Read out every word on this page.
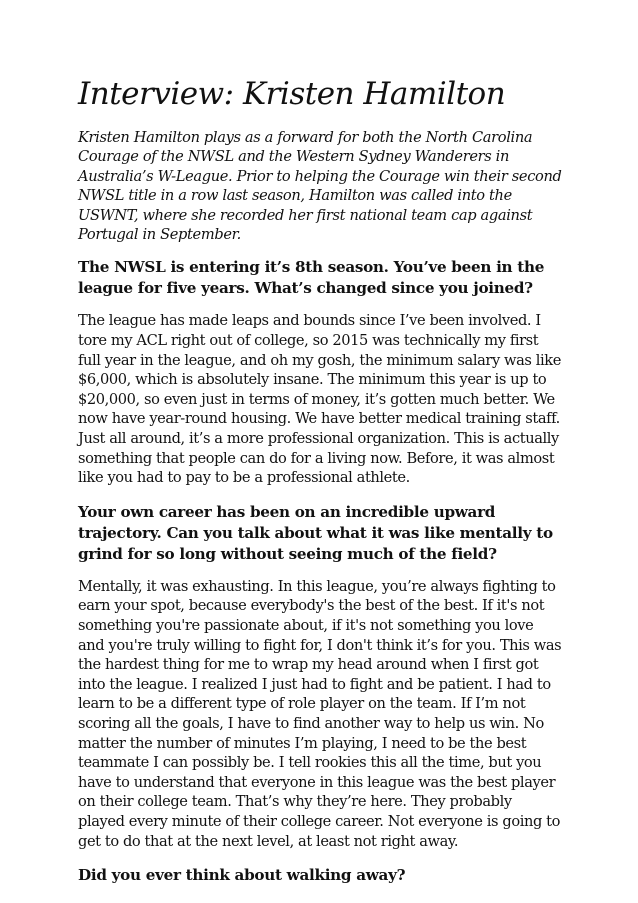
Interview: Kristen Hamilton

Kristen Hamilton plays as a forward for both the North Carolina Courage of the NWSL and the Western Sydney Wanderers in Australia’s W-League. Prior to helping the Courage win their second NWSL title in a row last season, Hamilton was called into the USWNT, where she recorded her first national team cap against Portugal in September.

The NWSL is entering it’s 8th season. You’ve been in the league for five years. What’s changed since you joined?

The league has made leaps and bounds since I’ve been involved. I tore my ACL right out of college, so 2015 was technically my first full year in the league, and oh my gosh, the minimum salary was like $6,000, which is absolutely insane. The minimum this year is up to $20,000, so even just in terms of money, it’s gotten much better. We now have year-round housing. We have better medical training staff. Just all around, it’s a more professional organization. This is actually something that people can do for a living now. Before, it was almost like you had to pay to be a professional athlete.

Your own career has been on an incredible upward trajectory. Can you talk about what it was like mentally to grind for so long without seeing much of the field?

Mentally, it was exhausting. In this league, you’re always fighting to earn your spot, because everybody's the best of the best. If it's not something you're passionate about, if it's not something you love and you're truly willing to fight for, I don't think it’s for you. This was the hardest thing for me to wrap my head around when I first got into the league. I realized I just had to fight and be patient. I had to learn to be a different type of role player on the team. If I’m not scoring all the goals, I have to find another way to help us win. No matter the number of minutes I’m playing, I need to be the best teammate I can possibly be. I tell rookies this all the time, but you have to understand that everyone in this league was the best player on their college team. That’s why they’re here. They probably played every minute of their college career. Not everyone is going to get to do that at the next level, at least not right away.

Did you ever think about walking away?
